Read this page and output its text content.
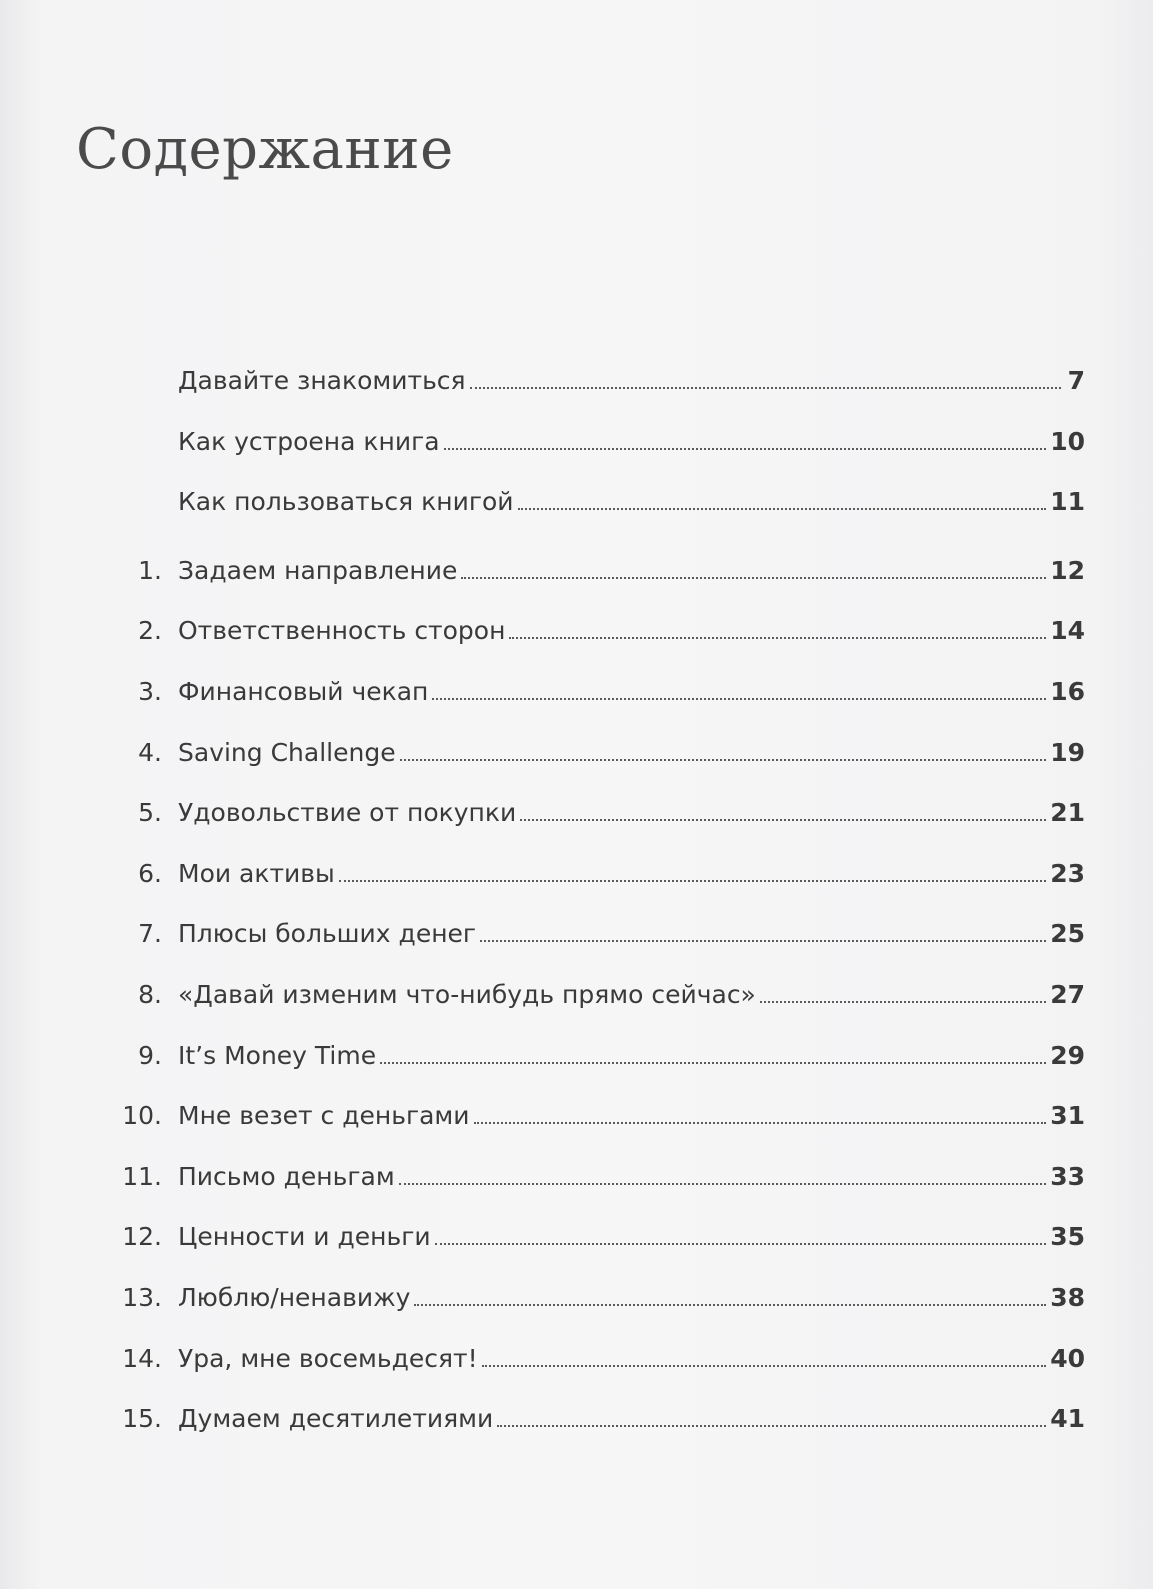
Содержание
Давайте знакомиться	7
Как устроена книга	10
Как пользоваться книгой	11
1. Задаем направление	12
2. Ответственность сторон	14
3. Финансовый чекап	16
4. Saving Challenge	19
5. Удовольствие от покупки	21
6. Мои активы	23
7. Плюсы больших денег	25
8. «Давай изменим что-нибудь прямо сейчас»	27
9. It’s Money Time	29
10. Мне везет с деньгами	31
11. Письмо деньгам	33
12. Ценности и деньги	35
13. Люблю/ненавижу	38
14. Ура, мне восемьдесят!	40
15. Думаем десятилетиями	41
